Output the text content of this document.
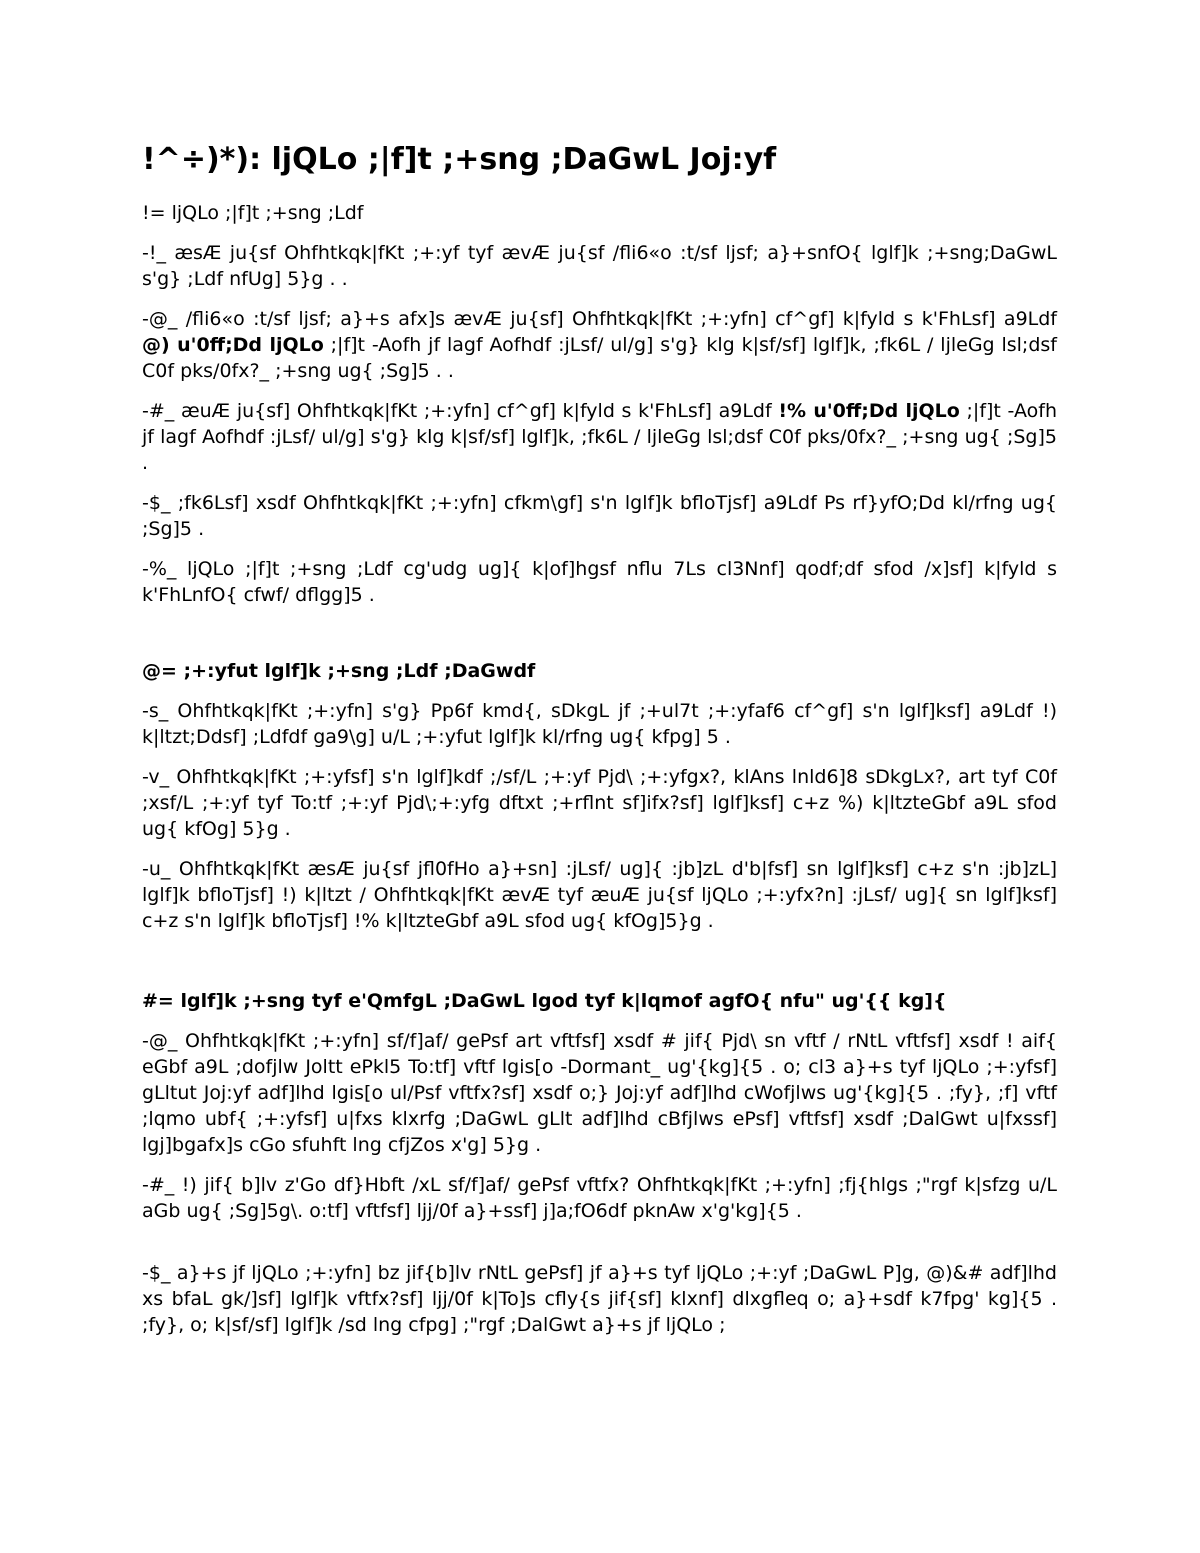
!^÷)*): ljQLo ;|f]t ;+sng ;DaGwL Joj:yf

!= ljQLo ;|f]t ;+sng ;Ldf

-!_ æsÆ ju{sf Ohfhtkqk|fKt ;+:yf tyf ævÆ ju{sf /fli6«o :t/sf ljsf; a}+snfO{ lglf]k ;+sng;DaGwL s'g} ;Ldf nfUg] 5}g . .

-@_ /fli6«o :t/sf ljsf; a}+s afx]s ævÆ ju{sf] Ohfhtkqk|fKt ;+:yfn] cf^gf] k|fyld s k'FhLsf] a9Ldf @) u'0ff;Dd ljQLo ;|f]t -Aofh jf lagf Aofhdf :jLsf/ ul/g] s'g} klg k|sf/sf] lglf]k, ;fk6L / ljleGg lsl;dsf C0f pks/0fx?_ ;+sng ug{ ;Sg]5 . .

-#_ æuÆ ju{sf] Ohfhtkqk|fKt ;+:yfn] cf^gf] k|fyld s k'FhLsf] a9Ldf !% u'0ff;Dd ljQLo ;|f]t -Aofh jf lagf Aofhdf :jLsf/ ul/g] s'g} klg k|sf/sf] lglf]k, ;fk6L / ljleGg lsl;dsf C0f pks/0fx?_ ;+sng ug{ ;Sg]5 .

-$_ ;fk6Lsf] xsdf Ohfhtkqk|fKt ;+:yfn] cfkm\gf] s'n lglf]k bfloTjsf] a9Ldf Ps rf}yfO;Dd kl/rfng ug{ ;Sg]5 .

-%_ ljQLo ;|f]t ;+sng ;Ldf cg'udg ug]{ k|of]hgsf nflu 7Ls cl3Nnf] qodf;df sfod /x]sf] k|fyld s k'FhLnfO{ cfwf/ dflgg]5 .

@= ;+:yfut lglf]k ;+sng ;Ldf ;DaGwdf

-s_ Ohfhtkqk|fKt ;+:yfn] s'g} Pp6f kmd{, sDkgL jf ;+ul7t ;+:yfaf6 cf^gf] s'n lglf]ksf] a9Ldf !) k|ltzt;Ddsf] ;Ldfdf ga9\g] u/L ;+:yfut lglf]k kl/rfng ug{ kfpg] 5 .

-v_ Ohfhtkqk|fKt ;+:yfsf] s'n lglf]kdf ;/sf/L ;+:yf Pjd\ ;+:yfgx?, klAns lnld6]8 sDkgLx?, art tyf C0f ;xsf/L ;+:yf tyf To:tf ;+:yf Pjd\;+:yfg dftxt ;+rflnt sf]ifx?sf] lglf]ksf] c+z %) k|ltzteGbf a9L sfod ug{ kfOg] 5}g .

-u_ Ohfhtkqk|fKt æsÆ ju{sf jfl0fHo a}+sn] :jLsf/ ug]{ :jb]zL d'b|fsf] sn lglf]ksf] c+z s'n :jb]zL] lglf]k bfloTjsf] !) k|ltzt / Ohfhtkqk|fKt ævÆ tyf æuÆ ju{sf ljQLo ;+:yfx?n] :jLsf/ ug]{ sn lglf]ksf] c+z s'n lglf]k bfloTjsf] !% k|ltzteGbf a9L sfod ug{ kfOg]5}g .

#= lglf]k ;+sng tyf e'QmfgL ;DaGwL lgod tyf k|lqmof agfO{ nfu" ug'{{ kg]{

-@_ Ohfhtkqk|fKt ;+:yfn] sf/f]af/ gePsf art vftfsf] xsdf # jif{ Pjd\ sn vftf / rNtL vftfsf] xsdf ! aif{ eGbf a9L ;dofjlw Joltt ePkl5 To:tf] vftf lgis[o -Dormant_ ug'{kg]{5 . o; cl3 a}+s tyf ljQLo ;+:yfsf] gLltut Joj:yf adf]lhd lgis[o ul/Psf vftfx?sf] xsdf o;} Joj:yf adf]lhd cWofjlws ug'{kg]{5 . ;fy}, ;f] vftf ;lqmo ubf{ ;+:yfsf] u|fxs klxrfg ;DaGwL gLlt adf]lhd cBfjlws ePsf] vftfsf] xsdf ;DalGwt u|fxssf] lgj]bgafx]s cGo sfuhft lng cfjZos x'g] 5}g .

-#_ !) jif{ b]lv z'Go df}Hbft /xL sf/f]af/ gePsf vftfx? Ohfhtkqk|fKt ;+:yfn] ;fj{hlgs ;"rgf k|sfzg u/L aGb ug{ ;Sg]5g\. o:tf] vftfsf] ljj/0f a}+ssf] j]a;fO6df pknAw x'g'kg]{5 .

-$_ a}+s jf ljQLo ;+:yfn] bz jif{b]lv rNtL gePsf] jf a}+s tyf ljQLo ;+:yf ;DaGwL P]g, @)&# adf]lhd xs bfaL gk/]sf] lglf]k vftfx?sf] ljj/0f k|To]s cfly{s jif{sf] klxnf] dlxgfleq o; a}+sdf k7fpg' kg]{5 . ;fy}, o; k|sf/sf] lglf]k /sd lng cfpg] ;"rgf ;DalGwt a}+s jf ljQLo ;
